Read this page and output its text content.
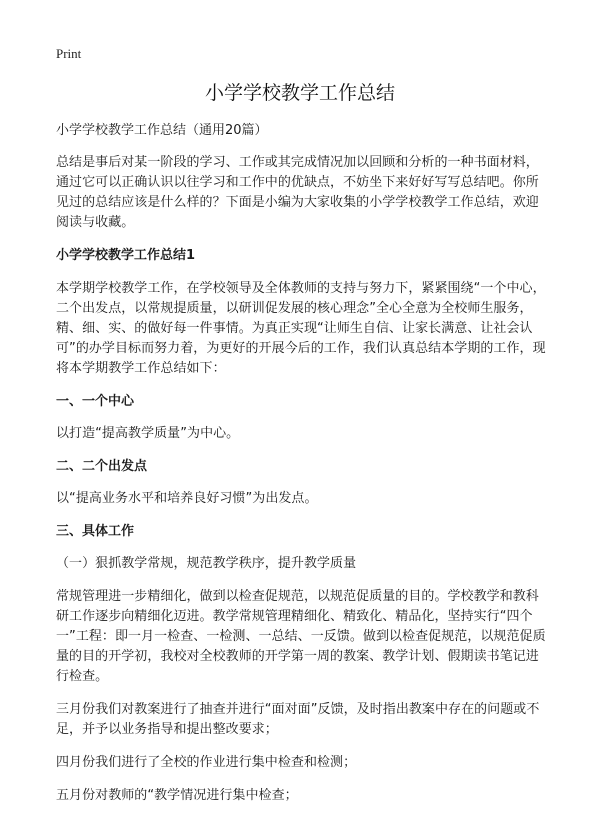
Print
小学学校教学工作总结

小学学校教学工作总结（通用20篇）

总结是事后对某一阶段的学习、工作或其完成情况加以回顾和分析的一种书面材料，通过它可以正确认识以往学习和工作中的优缺点，不妨坐下来好好写写总结吧。你所见过的总结应该是什么样的？下面是小编为大家收集的小学学校教学工作总结，欢迎阅读与收藏。

小学学校教学工作总结1

本学期学校教学工作，在学校领导及全体教师的支持与努力下，紧紧围绕“一个中心，二个出发点，以常规提质量，以研训促发展的核心理念”全心全意为全校师生服务，精、细、实、的做好每一件事情。为真正实现“让师生自信、让家长满意、让社会认可”的办学目标而努力着，为更好的开展今后的工作，我们认真总结本学期的工作，现将本学期教学工作总结如下：

一、一个中心

以打造“提高教学质量”为中心。

二、二个出发点

以“提高业务水平和培养良好习惯”为出发点。

三、具体工作

（一）狠抓教学常规，规范教学秩序，提升教学质量

常规管理进一步精细化，做到以检查促规范，以规范促质量的目的。学校教学和教科研工作逐步向精细化迈进。教学常规管理精细化、精致化、精品化，坚持实行“四个一”工程：即一月一检查、一检测、一总结、一反馈。做到以检查促规范，以规范促质量的目的开学初，我校对全校教师的开学第一周的教案、教学计划、假期读书笔记进行检查。

三月份我们对教案进行了抽查并进行“面对面”反馈，及时指出教案中存在的问题或不足，并予以业务指导和提出整改要求；

四月份我们进行了全校的作业进行集中检查和检测；

五月份对教师的“教学情况进行集中检查；
